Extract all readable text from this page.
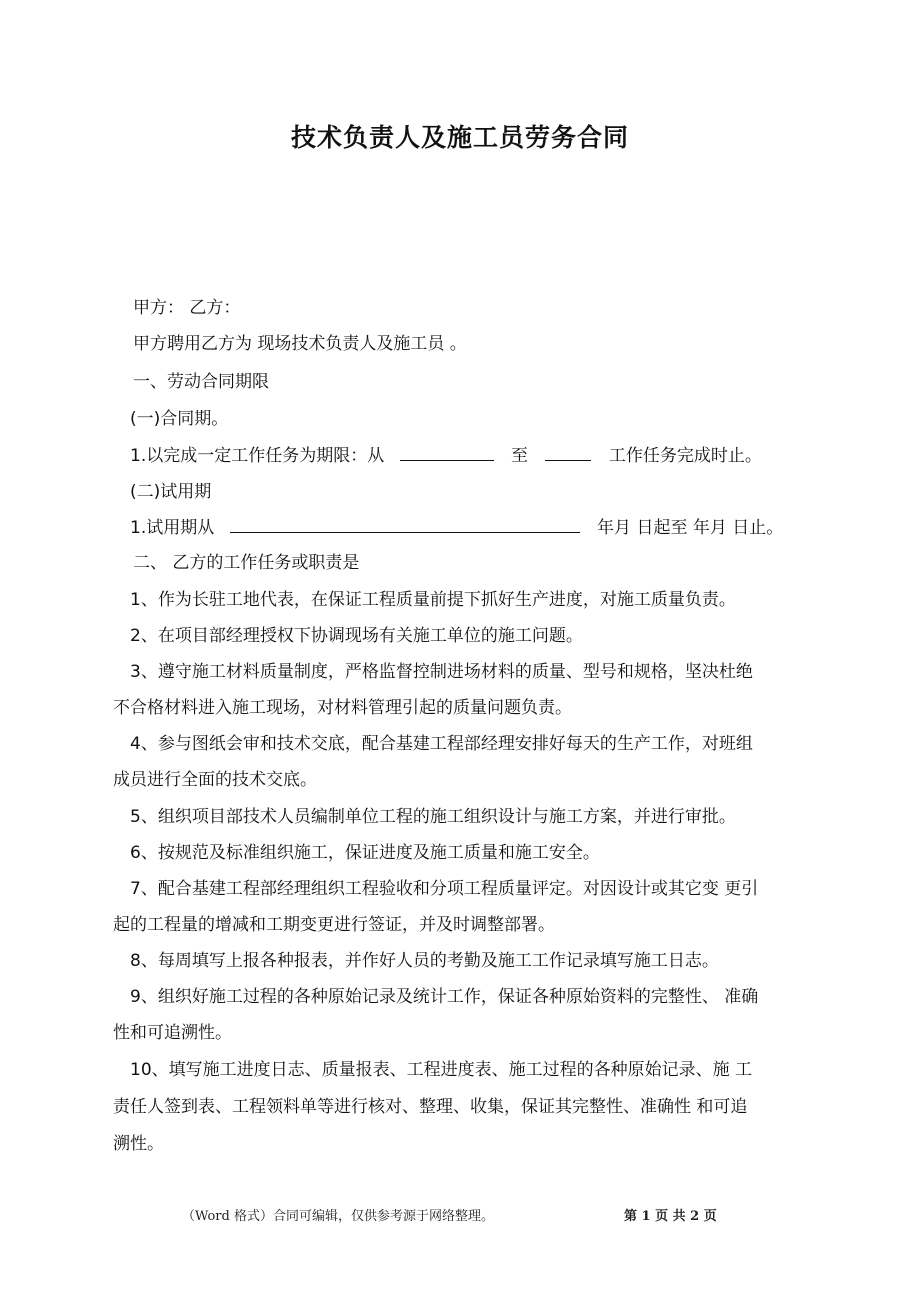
技术负责人及施工员劳务合同
甲方： 乙方：
甲方聘用乙方为 现场技术负责人及施工员 。
一、劳动合同期限
(一)合同期。
1.以完成一定工作任务为期限：从	至	工作任务完成时止。
(二)试用期
1.试用期从	年月 日起至 年月 日止。
二、 乙方的工作任务或职责是
1、作为长驻工地代表，在保证工程质量前提下抓好生产进度，对施工质量负责。
2、在项目部经理授权下协调现场有关施工单位的施工问题。
3、遵守施工材料质量制度，严格监督控制进场材料的质量、型号和规格，坚决杜绝
不合格材料进入施工现场，对材料管理引起的质量问题负责。
4、参与图纸会审和技术交底，配合基建工程部经理安排好每天的生产工作，对班组
成员进行全面的技术交底。
5、组织项目部技术人员编制单位工程的施工组织设计与施工方案，并进行审批。
6、按规范及标准组织施工，保证进度及施工质量和施工安全。
7、配合基建工程部经理组织工程验收和分项工程质量评定。对因设计或其它变 更引
起的工程量的增减和工期变更进行签证，并及时调整部署。
8、每周填写上报各种报表，并作好人员的考勤及施工工作记录填写施工日志。
9、组织好施工过程的各种原始记录及统计工作，保证各种原始资料的完整性、 准确
性和可追溯性。
10、填写施工进度日志、质量报表、工程进度表、施工过程的各种原始记录、施 工
责任人签到表、工程领料单等进行核对、整理、收集，保证其完整性、准确性 和可追
溯性。
（Word 格式）合同可编辑，仅供参考源于网络整理。	第 1 页 共 2 页
